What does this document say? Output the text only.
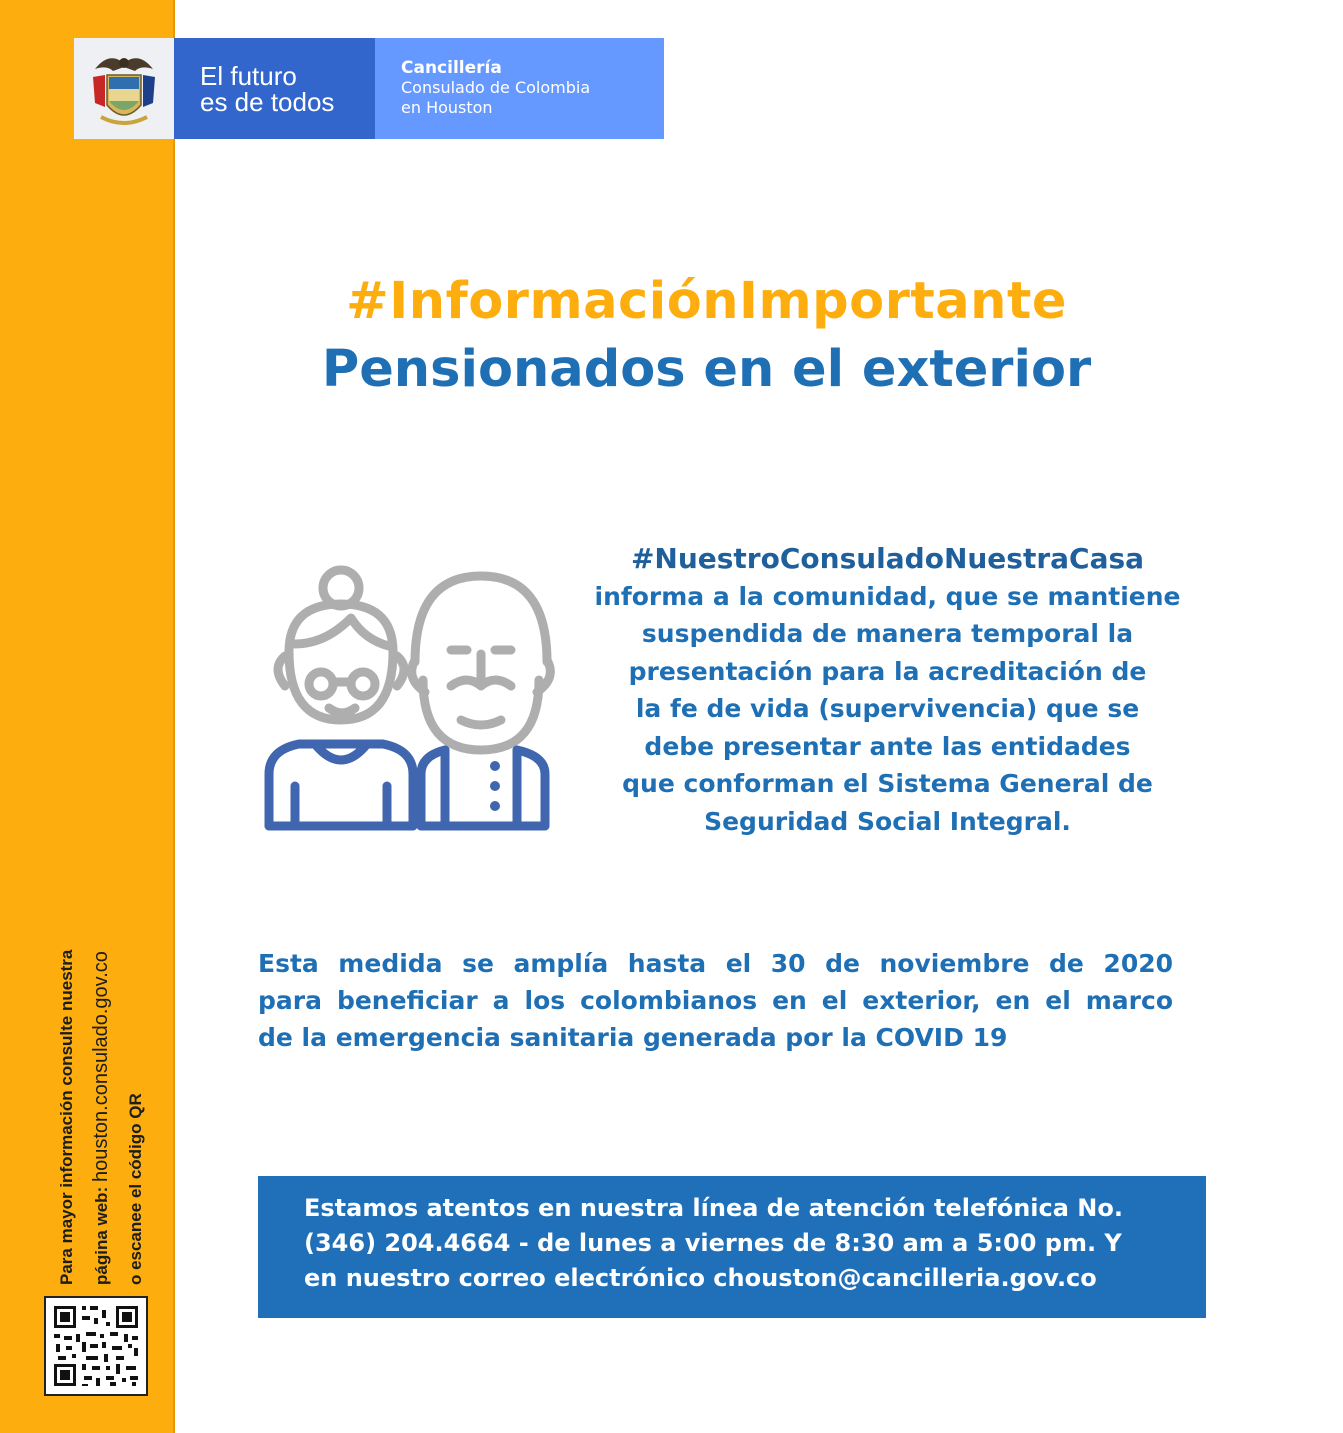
Para mayor información consulte nuestra página web: houston.consulado.gov.co
o escanee el código QR
El futuro
es de todos
Cancillería
Consulado de Colombia
en Houston
#InformaciónImportante
Pensionados en el exterior
#NuestroConsuladoNuestraCasa
informa a la comunidad, que se mantiene
suspendida de manera temporal la
presentación para la acreditación de
la fe de vida (supervivencia) que se
debe presentar ante las entidades
que conforman el Sistema General de
Seguridad Social Integral.
Esta medida se amplía hasta el 30 de noviembre de 2020
para beneficiar a los colombianos en el exterior, en el marco
de la emergencia sanitaria generada por la COVID 19
Estamos atentos en nuestra línea de atención telefónica No.
(346) 204.4664 - de lunes a viernes de 8:30 am a 5:00 pm. Y
en nuestro correo electrónico chouston@cancilleria.gov.co
